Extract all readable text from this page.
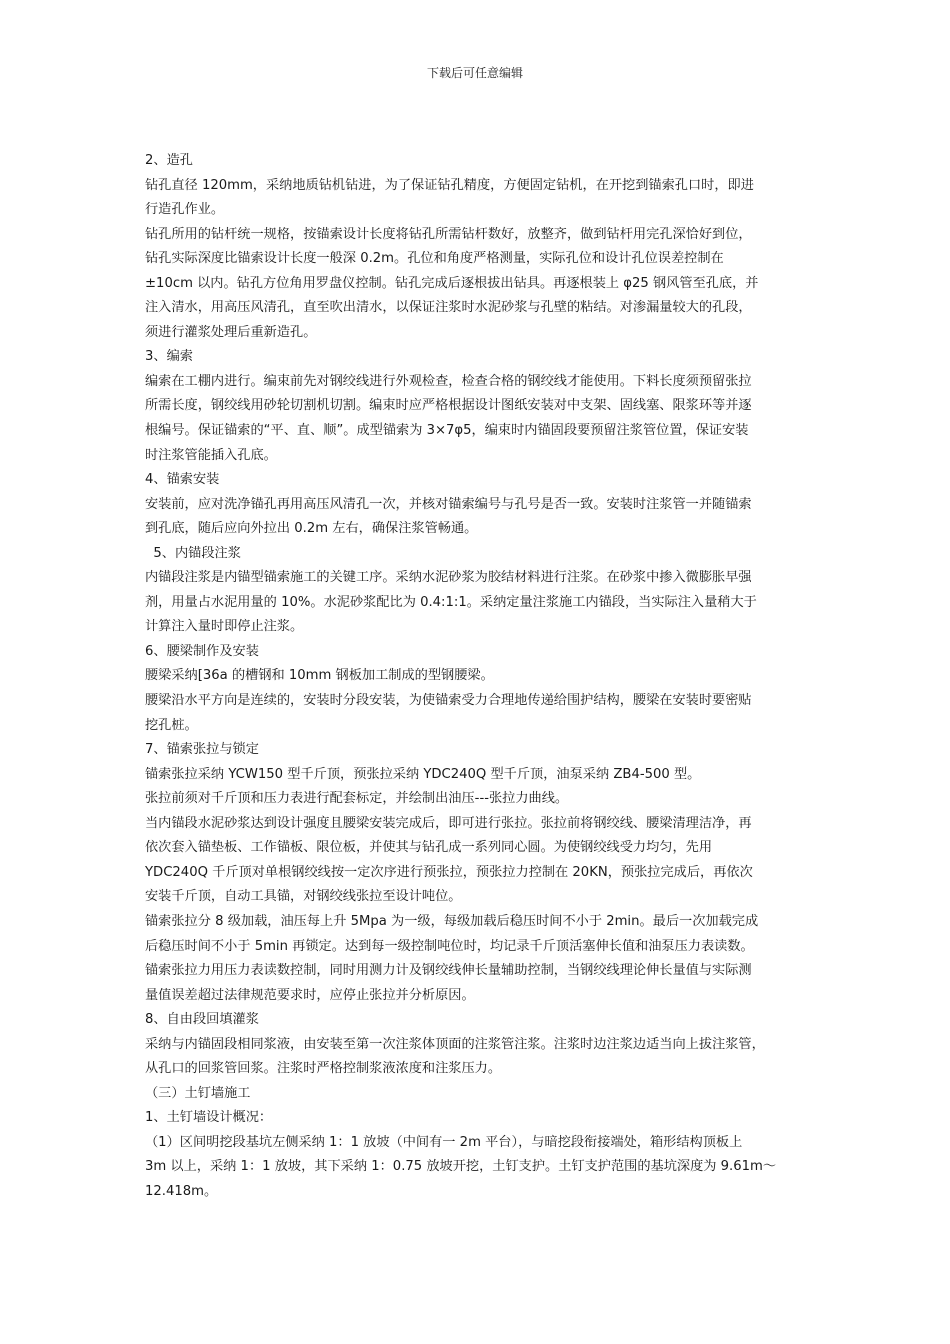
下载后可任意编辑
2、造孔
钻孔直径 120mm，采纳地质钻机钻进，为了保证钻孔精度，方便固定钻机，在开挖到锚索孔口时，即进
行造孔作业。
钻孔所用的钻杆统一规格，按锚索设计长度将钻孔所需钻杆数好，放整齐，做到钻杆用完孔深恰好到位，
钻孔实际深度比锚索设计长度一般深 0.2m。孔位和角度严格测量，实际孔位和设计孔位误差控制在
±10cm 以内。钻孔方位角用罗盘仪控制。钻孔完成后逐根拔出钻具。再逐根装上 φ25 钢风管至孔底，并
注入清水，用高压风清孔，直至吹出清水，以保证注浆时水泥砂浆与孔壁的粘结。对渗漏量较大的孔段，
须进行灌浆处理后重新造孔。
3、编索
编索在工棚内进行。编束前先对钢绞线进行外观检查，检查合格的钢绞线才能使用。下料长度须预留张拉
所需长度，钢绞线用砂轮切割机切割。编束时应严格根据设计图纸安装对中支架、固线塞、限浆环等并逐
根编号。保证锚索的“平、直、顺”。成型锚索为 3×7φ5，编束时内锚固段要预留注浆管位置，保证安装
时注浆管能插入孔底。
4、锚索安装
安装前，应对洗净锚孔再用高压风清孔一次，并核对锚索编号与孔号是否一致。安装时注浆管一并随锚索
到孔底，随后应向外拉出 0.2m 左右，确保注浆管畅通。
5、内锚段注浆
内锚段注浆是内锚型锚索施工的关键工序。采纳水泥砂浆为胶结材料进行注浆。在砂浆中掺入微膨胀早强
剂，用量占水泥用量的 10%。水泥砂浆配比为 0.4:1:1。采纳定量注浆施工内锚段，当实际注入量稍大于
计算注入量时即停止注浆。
6、腰梁制作及安装
腰梁采纳[36a 的槽钢和 10mm 钢板加工制成的型钢腰梁。
腰梁沿水平方向是连续的，安装时分段安装，为使锚索受力合理地传递给围护结构，腰梁在安装时要密贴
挖孔桩。
7、锚索张拉与锁定
锚索张拉采纳 YCW150 型千斤顶，预张拉采纳 YDC240Q 型千斤顶，油泵采纳 ZB4-500 型。
张拉前须对千斤顶和压力表进行配套标定，并绘制出油压---张拉力曲线。
当内锚段水泥砂浆达到设计强度且腰梁安装完成后，即可进行张拉。张拉前将钢绞线、腰梁清理洁净，再
依次套入锚垫板、工作锚板、限位板，并使其与钻孔成一系列同心圆。为使钢绞线受力均匀，先用
YDC240Q 千斤顶对单根钢绞线按一定次序进行预张拉，预张拉力控制在 20KN，预张拉完成后，再依次
安装千斤顶，自动工具锚，对钢绞线张拉至设计吨位。
锚索张拉分 8 级加载，油压每上升 5Mpa 为一级，每级加载后稳压时间不小于 2min。最后一次加载完成
后稳压时间不小于 5min 再锁定。达到每一级控制吨位时，均记录千斤顶活塞伸长值和油泵压力表读数。
锚索张拉力用压力表读数控制，同时用测力计及钢绞线伸长量辅助控制，当钢绞线理论伸长量值与实际测
量值误差超过法律规范要求时，应停止张拉并分析原因。
8、自由段回填灌浆
采纳与内锚固段相同浆液，由安装至第一次注浆体顶面的注浆管注浆。注浆时边注浆边适当向上拔注浆管，
从孔口的回浆管回浆。注浆时严格控制浆液浓度和注浆压力。
（三）土钉墙施工
1、土钉墙设计概况：
（1）区间明挖段基坑左侧采纳 1：1 放坡（中间有一 2m 平台），与暗挖段衔接端处，箱形结构顶板上
3m 以上，采纳 1：1 放坡，其下采纳 1：0.75 放坡开挖，土钉支护。土钉支护范围的基坑深度为 9.61m～
12.418m。
